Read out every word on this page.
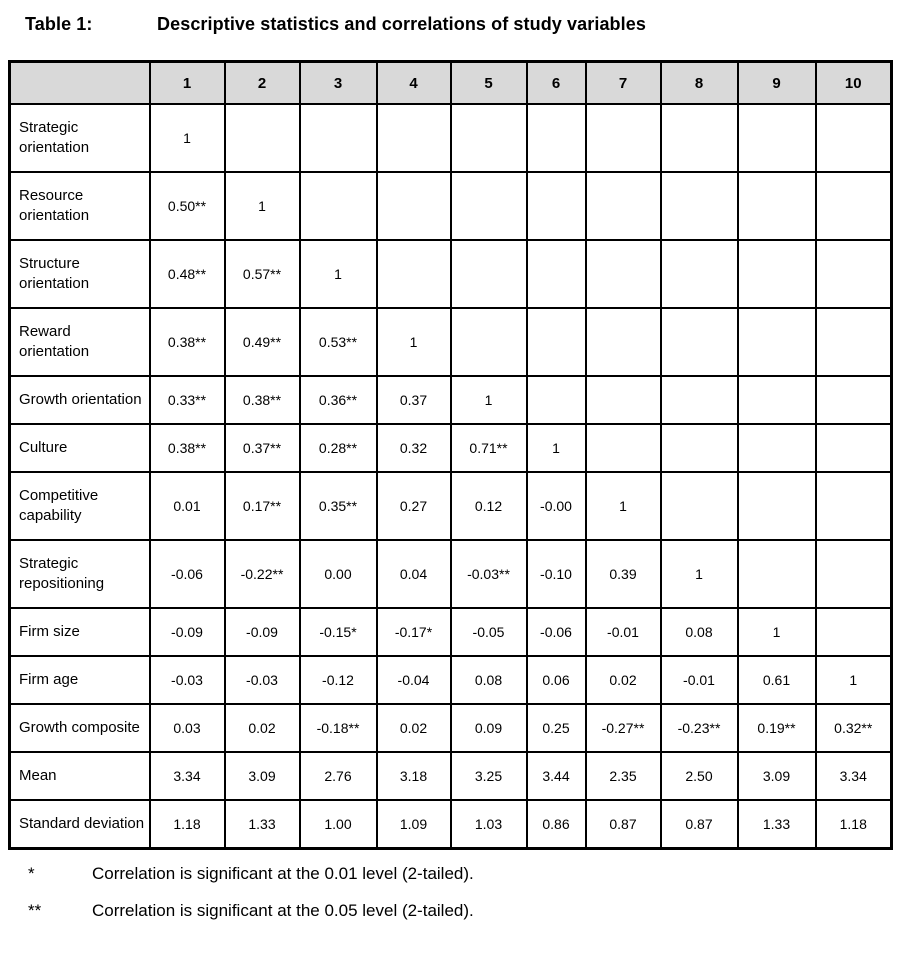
Table 1:	Descriptive statistics and correlations of study variables
	1	2	3	4	5	6	7	8	9	10
Strategic orientation	1									
Resource orientation	0.50**	1								
Structure orientation	0.48**	0.57**	1							
Reward orientation	0.38**	0.49**	0.53**	1						
Growth orientation	0.33**	0.38**	0.36**	0.37	1					
Culture	0.38**	0.37**	0.28**	0.32	0.71**	1				
Competitive capability	0.01	0.17**	0.35**	0.27	0.12	-0.00	1			
Strategic repositioning	-0.06	-0.22**	0.00	0.04	-0.03**	-0.10	0.39	1		
Firm size	-0.09	-0.09	-0.15*	-0.17*	-0.05	-0.06	-0.01	0.08	1	
Firm age	-0.03	-0.03	-0.12	-0.04	0.08	0.06	0.02	-0.01	0.61	1
Growth composite	0.03	0.02	-0.18**	0.02	0.09	0.25	-0.27**	-0.23**	0.19**	0.32**
Mean	3.34	3.09	2.76	3.18	3.25	3.44	2.35	2.50	3.09	3.34
Standard deviation	1.18	1.33	1.00	1.09	1.03	0.86	0.87	0.87	1.33	1.18
*	Correlation is significant at the 0.01 level (2-tailed).
**	Correlation is significant at the 0.05 level (2-tailed).
